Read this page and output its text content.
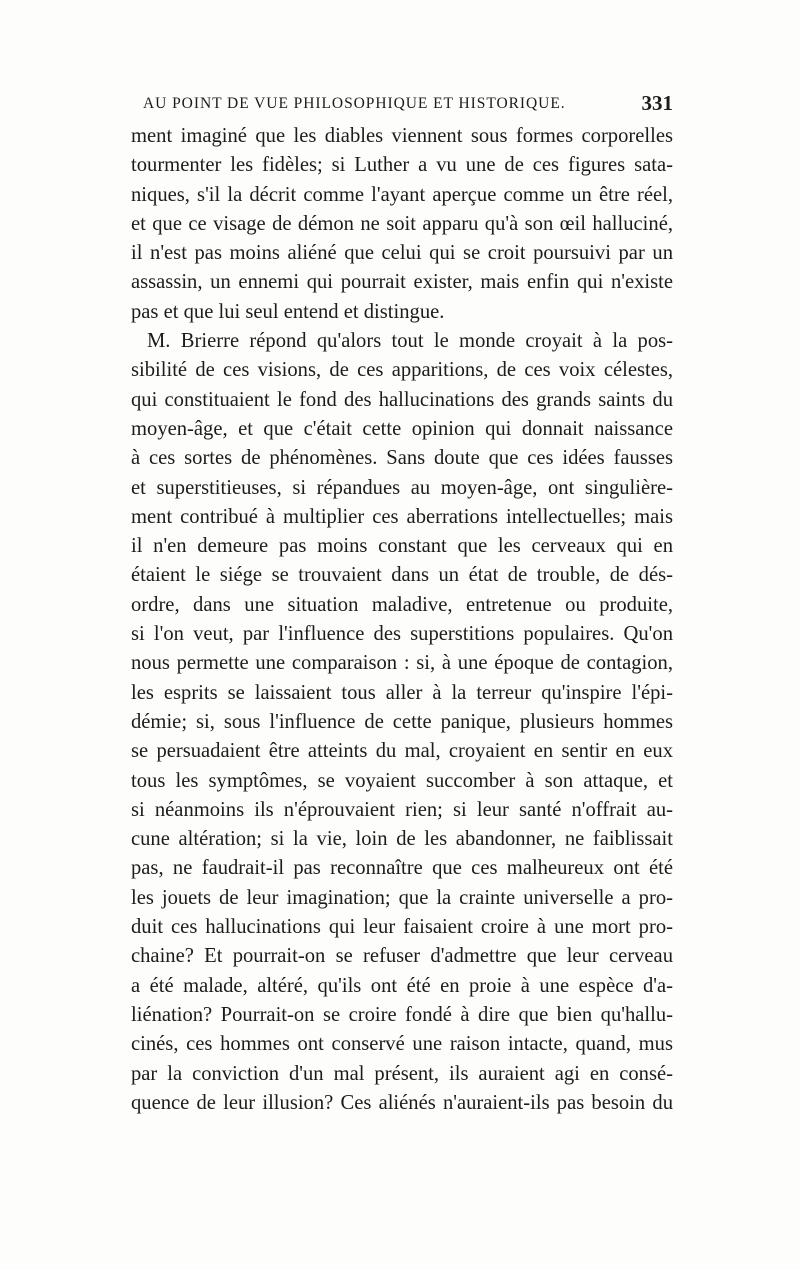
AU POINT DE VUE PHILOSOPHIQUE ET HISTORIQUE.	331
ment imaginé que les diables viennent sous formes corporelles
tourmenter les fidèles; si Luther a vu une de ces figures sata-
niques, s'il la décrit comme l'ayant aperçue comme un être réel,
et que ce visage de démon ne soit apparu qu'à son œil halluciné,
il n'est pas moins aliéné que celui qui se croit poursuivi par un
assassin, un ennemi qui pourrait exister, mais enfin qui n'existe
pas et que lui seul entend et distingue.
M. Brierre répond qu'alors tout le monde croyait à la pos-
sibilité de ces visions, de ces apparitions, de ces voix célestes,
qui constituaient le fond des hallucinations des grands saints du
moyen-âge, et que c'était cette opinion qui donnait naissance
à ces sortes de phénomènes. Sans doute que ces idées fausses
et superstitieuses, si répandues au moyen-âge, ont singulière-
ment contribué à multiplier ces aberrations intellectuelles; mais
il n'en demeure pas moins constant que les cerveaux qui en
étaient le siége se trouvaient dans un état de trouble, de dés-
ordre, dans une situation maladive, entretenue ou produite,
si l'on veut, par l'influence des superstitions populaires. Qu'on
nous permette une comparaison : si, à une époque de contagion,
les esprits se laissaient tous aller à la terreur qu'inspire l'épi-
démie; si, sous l'influence de cette panique, plusieurs hommes
se persuadaient être atteints du mal, croyaient en sentir en eux
tous les symptômes, se voyaient succomber à son attaque, et
si néanmoins ils n'éprouvaient rien; si leur santé n'offrait au-
cune altération; si la vie, loin de les abandonner, ne faiblissait
pas, ne faudrait-il pas reconnaître que ces malheureux ont été
les jouets de leur imagination; que la crainte universelle a pro-
duit ces hallucinations qui leur faisaient croire à une mort pro-
chaine? Et pourrait-on se refuser d'admettre que leur cerveau
a été malade, altéré, qu'ils ont été en proie à une espèce d'a-
liénation? Pourrait-on se croire fondé à dire que bien qu'hallu-
cinés, ces hommes ont conservé une raison intacte, quand, mus
par la conviction d'un mal présent, ils auraient agi en consé-
quence de leur illusion? Ces aliénés n'auraient-ils pas besoin du
